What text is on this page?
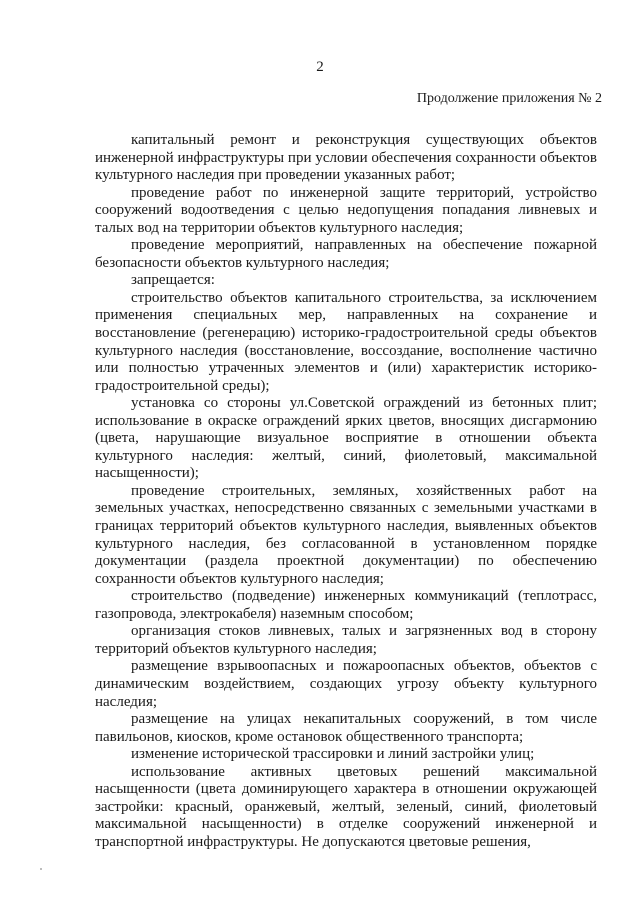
2
Продолжение приложения № 2

капитальный ремонт и реконструкция существующих объектов инженерной инфраструктуры при условии обеспечения сохранности объектов культурного наследия при проведении указанных работ;

проведение работ по инженерной защите территорий, устройство сооружений водоотведения с целью недопущения попадания ливневых и талых вод на территории объектов культурного наследия;

проведение мероприятий, направленных на обеспечение пожарной безопасности объектов культурного наследия;

запрещается:

строительство объектов капитального строительства, за исключением применения специальных мер, направленных на сохранение и восстановление (регенерацию) историко-градостроительной среды объектов культурного наследия (восстановление, воссоздание, восполнение частично или полностью утраченных элементов и (или) характеристик историко-градостроительной среды);

установка со стороны ул.Советской ограждений из бетонных плит; использование в окраске ограждений ярких цветов, вносящих дисгармонию (цвета, нарушающие визуальное восприятие в отношении объекта культурного наследия: желтый, синий, фиолетовый, максимальной насыщенности);

проведение строительных, земляных, хозяйственных работ на земельных участках, непосредственно связанных с земельными участками в границах территорий объектов культурного наследия, выявленных объектов культурного наследия, без согласованной в установленном порядке документации (раздела проектной документации) по обеспечению сохранности объектов культурного наследия;

строительство (подведение) инженерных коммуникаций (теплотрасс, газопровода, электрокабеля) наземным способом;

организация стоков ливневых, талых и загрязненных вод в сторону территорий объектов культурного наследия;

размещение взрывоопасных и пожароопасных объектов, объектов с динамическим воздействием, создающих угрозу объекту культурного наследия;

размещение на улицах некапитальных сооружений, в том числе павильонов, киосков, кроме остановок общественного транспорта;

изменение исторической трассировки и линий застройки улиц;

использование активных цветовых решений максимальной насыщенности (цвета доминирующего характера в отношении окружающей застройки: красный, оранжевый, желтый, зеленый, синий, фиолетовый максимальной насыщенности) в отделке сооружений инженерной и транспортной инфраструктуры. Не допускаются цветовые решения,
